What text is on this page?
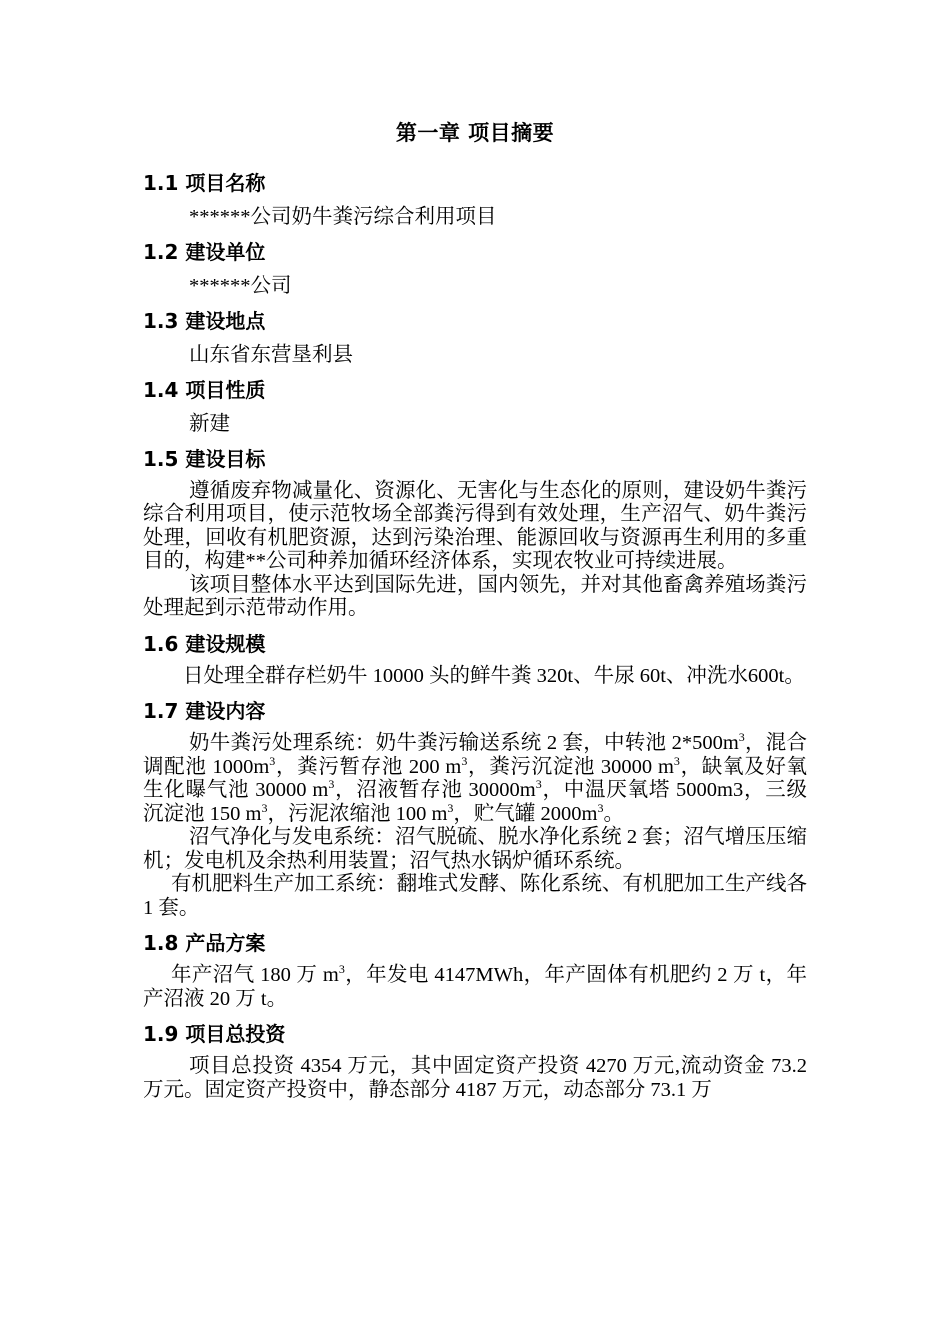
第一章 项目摘要
1.1 项目名称

******公司奶牛粪污综合利用项目

1.2 建设单位

******公司

1.3 建设地点

山东省东营垦利县

1.4 项目性质

新建

1.5 建设目标

遵循废弃物减量化、资源化、无害化与生态化的原则，建设奶牛粪污综合利用项目，使示范牧场全部粪污得到有效处理，生产沼气、奶牛粪污处理，回收有机肥资源，达到污染治理、能源回收与资源再生利用的多重目的，构建**公司种养加循环经济体系，实现农牧业可持续进展。

该项目整体水平达到国际先进，国内领先，并对其他畜禽养殖场粪污处理起到示范带动作用。

1.6 建设规模

日处理全群存栏奶牛 10000 头的鲜牛粪 320t、牛尿 60t、冲洗水600t。

1.7 建设内容

奶牛粪污处理系统：奶牛粪污输送系统 2 套，中转池 $2*500m^3$，混合调配池 $1000m^3$，粪污暂存池 200 $m^3$，粪污沉淀池 30000 $m^3$，缺氧及好氧生化曝气池 30000 $m^3$，沼液暂存池 $30000m^3$，中温厌氧塔 5000m3，三级沉淀池 150 $m^3$，污泥浓缩池 100 $m^3$，贮气罐 $2000m^3$。

沼气净化与发电系统：沼气脱硫、脱水净化系统 2 套；沼气增压压缩机；发电机及余热利用装置；沼气热水锅炉循环系统。

有机肥料生产加工系统：翻堆式发酵、陈化系统、有机肥加工生产线各 1 套。

1.8 产品方案

年产沼气 180 万 $m^3$，年发电 4147MWh，年产固体有机肥约 2 万 t，年产沼液 20 万 t。

1.9 项目总投资

项目总投资 4354 万元，其中固定资产投资 4270 万元,流动资金 73.2 万元。固定资产投资中，静态部分 4187 万元，动态部分 73.1 万
